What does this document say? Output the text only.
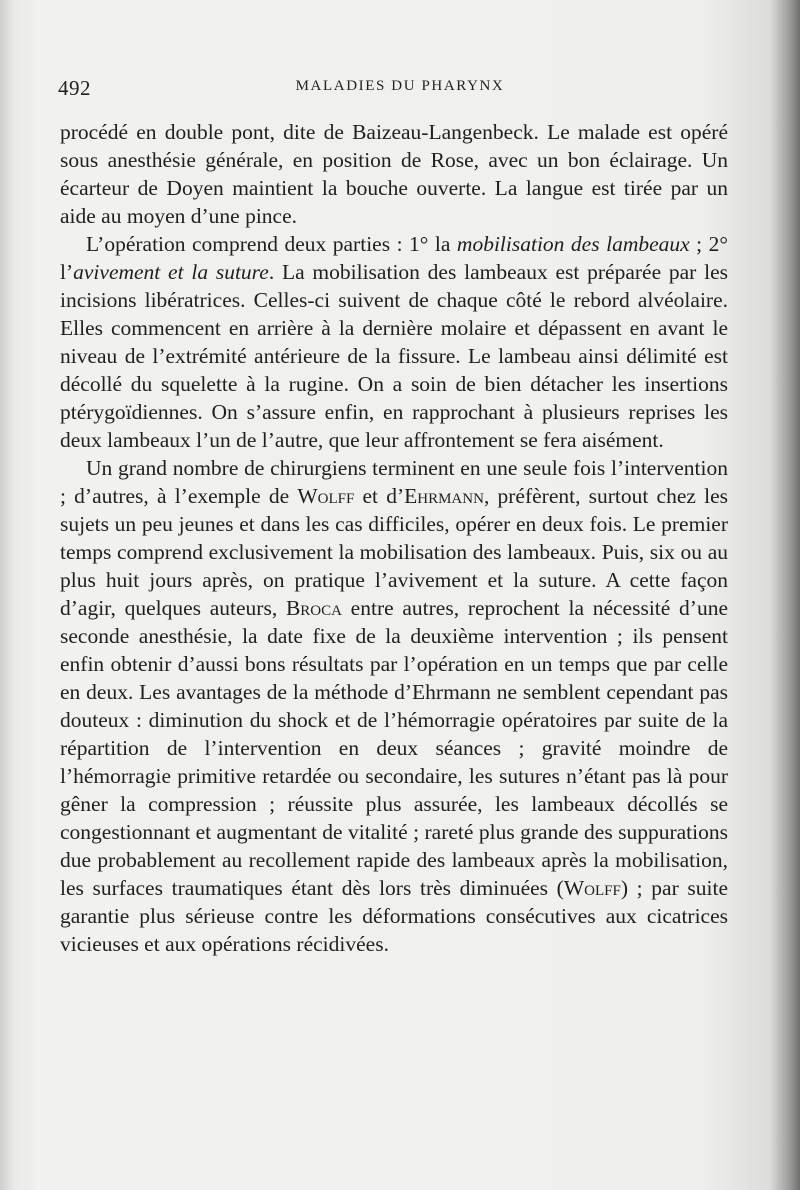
492	MALADIES DU PHARYNX

procédé en double pont, dite de Baizeau-Langenbeck. Le malade est opéré sous anesthésie générale, en position de Rose, avec un bon éclairage. Un écarteur de Doyen maintient la bouche ouverte. La langue est tirée par un aide au moyen d’une pince.

L’opération comprend deux parties : 1° la mobilisation des lambeaux ; 2° l’avivement et la suture. La mobilisation des lambeaux est préparée par les incisions libératrices. Celles-ci suivent de chaque côté le rebord alvéolaire. Elles commencent en arrière à la dernière molaire et dépassent en avant le niveau de l’extrémité antérieure de la fissure. Le lambeau ainsi délimité est décollé du squelette à la rugine. On a soin de bien détacher les insertions ptérygoïdiennes. On s’assure enfin, en rapprochant à plusieurs reprises les deux lambeaux l’un de l’autre, que leur affrontement se fera aisément.

Un grand nombre de chirurgiens terminent en une seule fois l’intervention ; d’autres, à l’exemple de Wolff et d’Ehrmann, préfèrent, surtout chez les sujets un peu jeunes et dans les cas difficiles, opérer en deux fois. Le premier temps comprend exclusivement la mobilisation des lambeaux. Puis, six ou au plus huit jours après, on pratique l’avivement et la suture. A cette façon d’agir, quelques auteurs, Broca entre autres, reprochent la nécessité d’une seconde anesthésie, la date fixe de la deuxième intervention ; ils pensent enfin obtenir d’aussi bons résultats par l’opération en un temps que par celle en deux. Les avantages de la méthode d’Ehrmann ne semblent cependant pas douteux : diminution du shock et de l’hémorragie opératoires par suite de la répartition de l’intervention en deux séances ; gravité moindre de l’hémorragie primitive retardée ou secondaire, les sutures n’étant pas là pour gêner la compression ; réussite plus assurée, les lambeaux décollés se congestionnant et augmentant de vitalité ; rareté plus grande des suppurations due probablement au recollement rapide des lambeaux après la mobilisation, les surfaces traumatiques étant dès lors très diminuées (Wolff) ; par suite garantie plus sérieuse contre les déformations consécutives aux cicatrices vicieuses et aux opérations récidivées.
